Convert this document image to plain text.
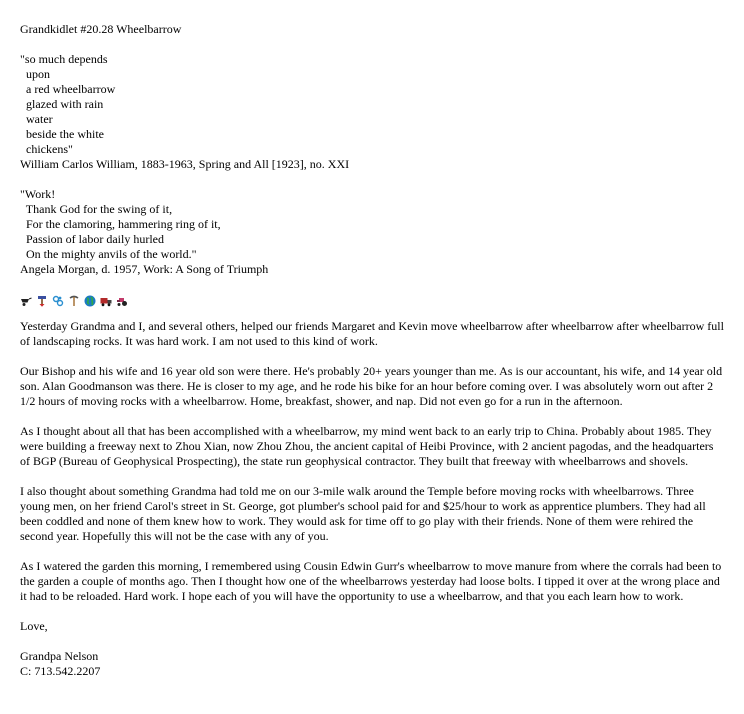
Grandkidlet #20.28 Wheelbarrow
"so much depends
upon
a red wheelbarrow
glazed with rain
water
beside the white
chickens"
William Carlos William, 1883-1963, Spring and All [1923], no. XXI
"Work!
Thank God for the swing of it,
For the clamoring, hammering ring of it,
Passion of labor daily hurled
On the mighty anvils of the world."
Angela Morgan, d. 1957, Work: A Song of Triumph

Yesterday Grandma and I, and several others, helped our friends Margaret and Kevin move wheelbarrow after wheelbarrow after wheelbarrow full of landscaping rocks. It was hard work. I am not used to this kind of work.

Our Bishop and his wife and 16 year old son were there. He's probably 20+ years younger than me. As is our accountant, his wife, and 14 year old son. Alan Goodmanson was there. He is closer to my age, and he rode his bike for an hour before coming over. I was absolutely worn out after 2 1/2 hours of moving rocks with a wheelbarrow. Home, breakfast, shower, and nap. Did not even go for a run in the afternoon.

As I thought about all that has been accomplished with a wheelbarrow, my mind went back to an early trip to China. Probably about 1985. They were building a freeway next to Zhou Xian, now Zhou Zhou, the ancient capital of Heibi Province, with 2 ancient pagodas, and the headquarters of BGP (Bureau of Geophysical Prospecting), the state run geophysical contractor. They built that freeway with wheelbarrows and shovels.

I also thought about something Grandma had told me on our 3-mile walk around the Temple before moving rocks with wheelbarrows. Three young men, on her friend Carol's street in St. George, got plumber's school paid for and $25/hour to work as apprentice plumbers. They had all been coddled and none of them knew how to work. They would ask for time off to go play with their friends. None of them were rehired the second year. Hopefully this will not be the case with any of you.

As I watered the garden this morning, I remembered using Cousin Edwin Gurr's wheelbarrow to move manure from where the corrals had been to the garden a couple of months ago. Then I thought how one of the wheelbarrows yesterday had loose bolts. I tipped it over at the wrong place and it had to be reloaded. Hard work. I hope each of you will have the opportunity to use a wheelbarrow, and that you each learn how to work.

Love,

Grandpa Nelson
C: 713.542.2207
